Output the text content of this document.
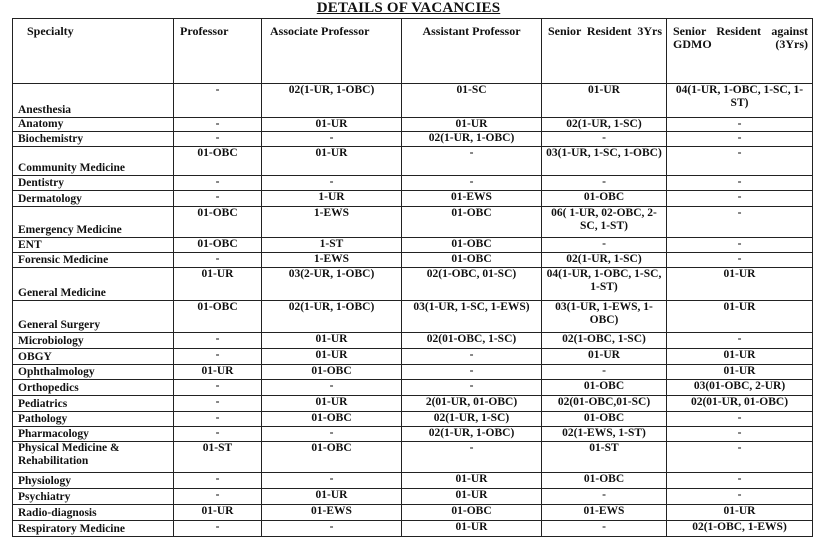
DETAILS OF VACANCIES
Specialty	Professor	Associate Professor	Assistant Professor	Senior Resident 3Yrs	Senior Resident against GDMO (3Yrs)
Anesthesia	-	02(1-UR, 1-OBC)	01-SC	01-UR	04(1-UR, 1-OBC, 1-SC, 1-ST)
Anatomy	-	01-UR	01-UR	02(1-UR, 1-SC)	-
Biochemistry	-	-	02(1-UR, 1-OBC)	-	-
Community Medicine	01-OBC	01-UR	-	03(1-UR, 1-SC, 1-OBC)	-
Dentistry	-	-	-	-	-
Dermatology	-	1-UR	01-EWS	01-OBC	-
Emergency Medicine	01-OBC	1-EWS	01-OBC	06( 1-UR, 02-OBC, 2-SC, 1-ST)	-
ENT	01-OBC	1-ST	01-OBC	-	-
Forensic Medicine	-	1-EWS	01-OBC	02(1-UR, 1-SC)	-
General Medicine	01-UR	03(2-UR, 1-OBC)	02(1-OBC, 01-SC)	04(1-UR, 1-OBC, 1-SC, 1-ST)	01-UR
General Surgery	01-OBC	02(1-UR, 1-OBC)	03(1-UR, 1-SC, 1-EWS)	03(1-UR, 1-EWS, 1-OBC)	01-UR
Microbiology	-	01-UR	02(01-OBC, 1-SC)	02(1-OBC, 1-SC)	-
OBGY	-	01-UR	-	01-UR	01-UR
Ophthalmology	01-UR	01-OBC	-	-	01-UR
Orthopedics	-	-	-	01-OBC	03(01-OBC, 2-UR)
Pediatrics	-	01-UR	2(01-UR, 01-OBC)	02(01-OBC,01-SC)	02(01-UR, 01-OBC)
Pathology	-	01-OBC	02(1-UR, 1-SC)	01-OBC	-
Pharmacology	-	-	02(1-UR, 1-OBC)	02(1-EWS, 1-ST)	-
Physical Medicine & Rehabilitation	01-ST	01-OBC	-	01-ST	-
Physiology	-	-	01-UR	01-OBC	-
Psychiatry	-	01-UR	01-UR	-	-
Radio-diagnosis	01-UR	01-EWS	01-OBC	01-EWS	01-UR
Respiratory Medicine	-	-	01-UR	-	02(1-OBC, 1-EWS)
